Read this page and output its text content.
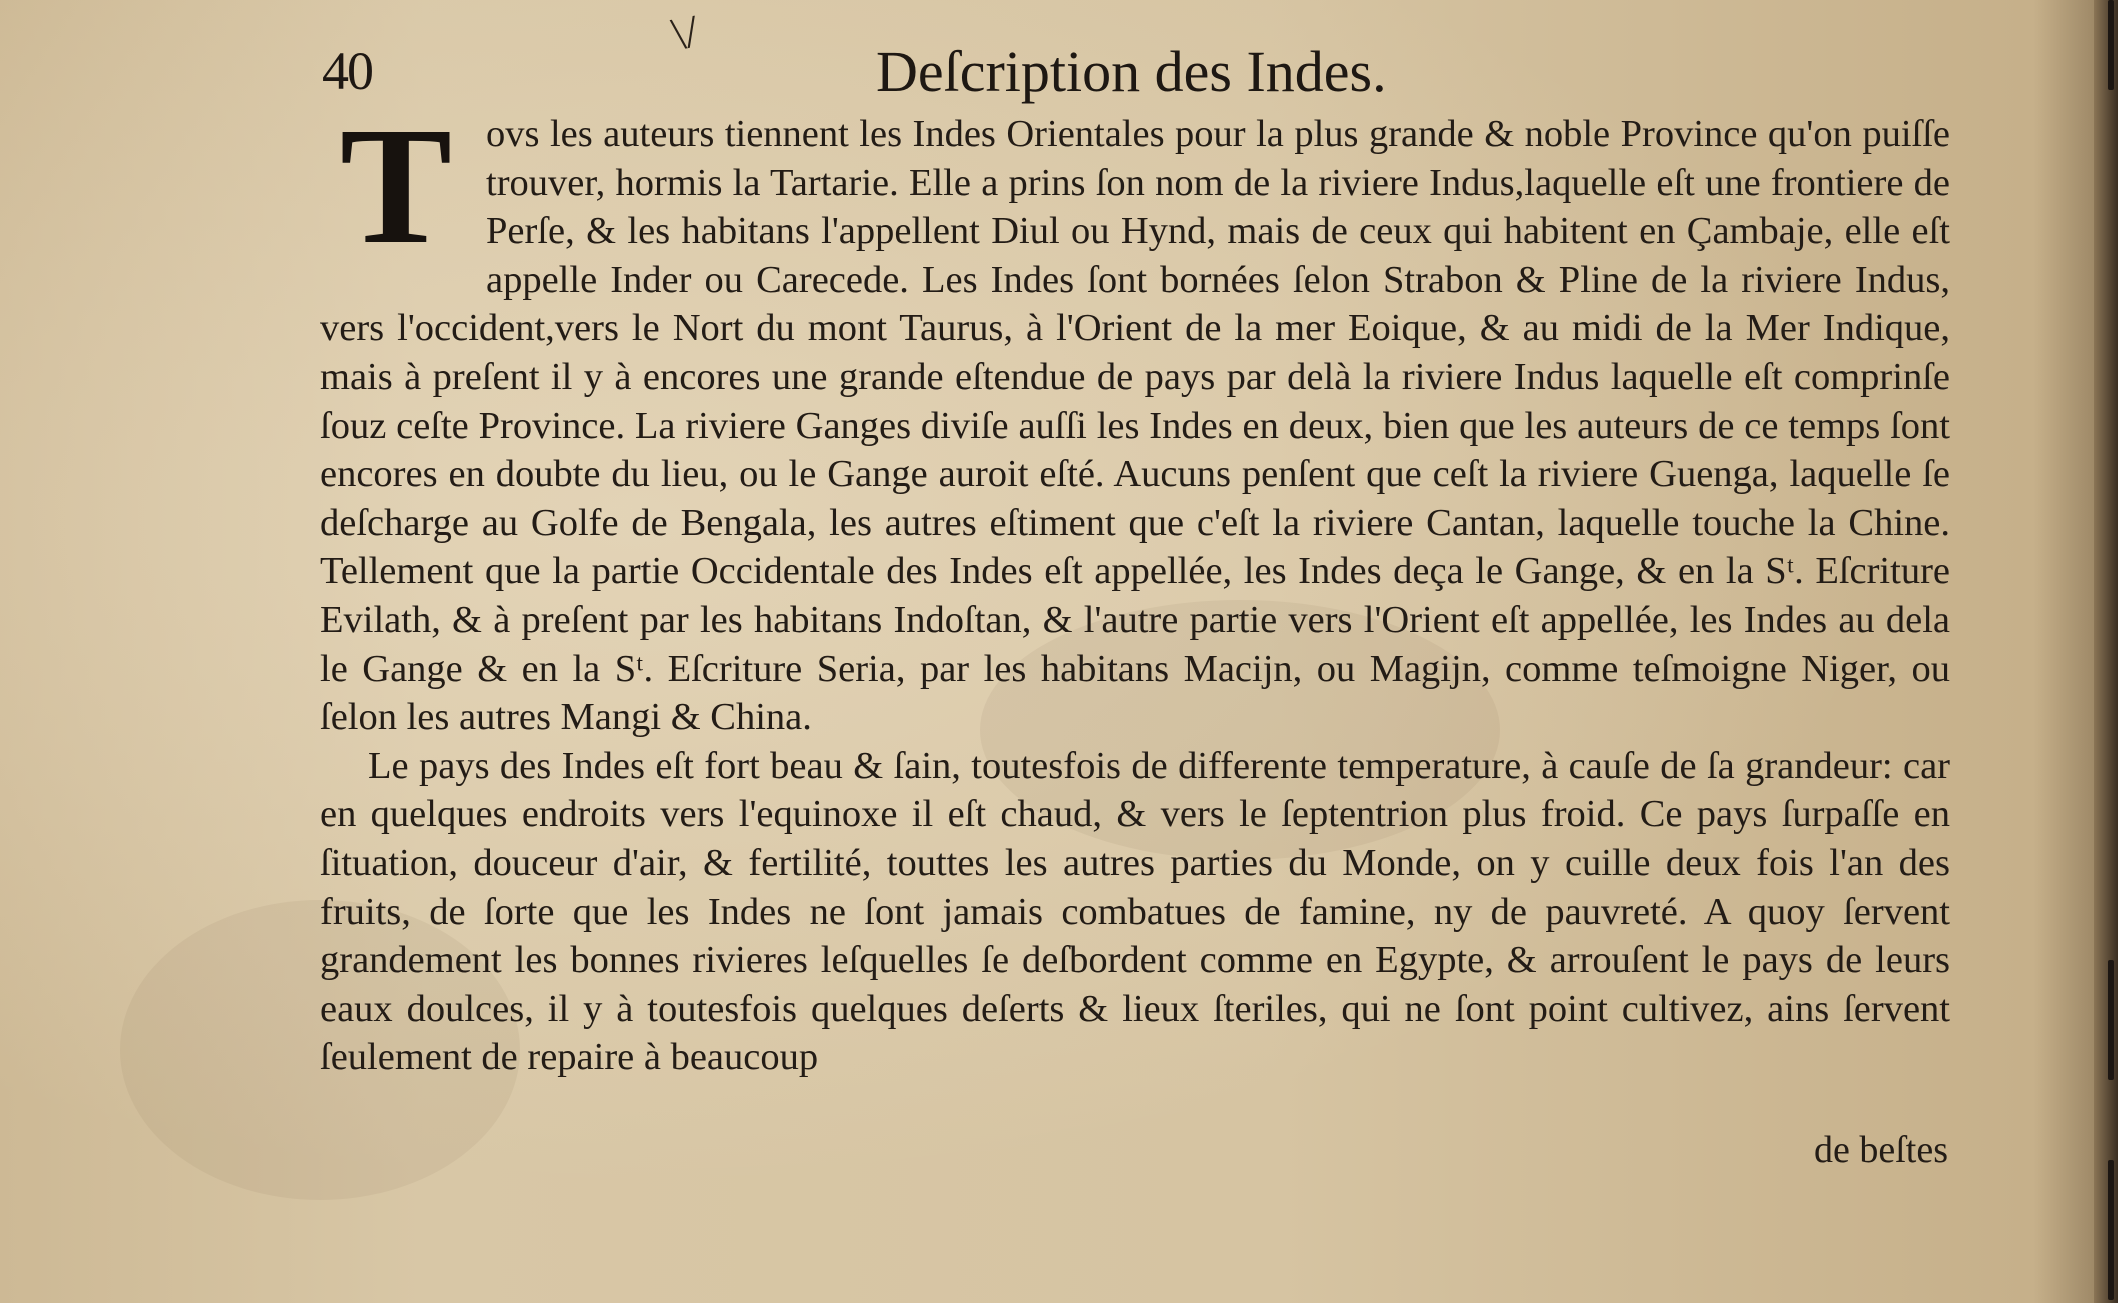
\/
40	Deſcription des Indes.

Tovs les auteurs tiennent les Indes Orientales pour la plus grande & noble Province qu'on puiſſe trouver, hormis la Tartarie. Elle a prins ſon nom de la riviere Indus,laquelle eſt une frontiere de Perſe, & les habitans l'appellent Diul ou Hynd, mais de ceux qui habitent en Çambaje, elle eſt appelle Inder ou Carecede. Les Indes ſont bornées ſelon Strabon & Pline de la riviere Indus, vers l'occident,vers le Nort du mont Taurus, à l'Orient de la mer Eoique, & au midi de la Mer Indique, mais à preſent il y à encores une grande eſtendue de pays par delà la riviere Indus laquelle eſt comprinſe ſouz ceſte Province. La riviere Ganges diviſe auſſi les Indes en deux, bien que les auteurs de ce temps ſont encores en doubte du lieu, ou le Gange auroit eſté. Aucuns penſent que ceſt la riviere Guenga, laquelle ſe deſcharge au Golfe de Bengala, les autres eſtiment que c'eſt la riviere Cantan, laquelle touche la Chine. Tellement que la partie Occidentale des Indes eſt appellée, les Indes deça le Gange, & en la Sᵗ. Eſcriture Evilath, & à preſent par les habitans Indoſtan, & l'autre partie vers l'Orient eſt appellée, les Indes au dela le Gange & en la Sᵗ. Eſcriture Seria, par les habitans Macijn, ou Magijn, comme teſmoigne Niger, ou ſelon les autres Mangi & China.

Le pays des Indes eſt fort beau & ſain, toutesfois de differente temperature, à cauſe de ſa grandeur: car en quelques endroits vers l'equinoxe il eſt chaud, & vers le ſeptentrion plus froid. Ce pays ſurpaſſe en ſituation, douceur d'air, & fertilité, touttes les autres parties du Monde, on y cuille deux fois l'an des fruits, de ſorte que les Indes ne ſont jamais combatues de famine, ny de pauvreté. A quoy ſervent grandement les bonnes rivieres leſquelles ſe deſbordent comme en Egypte, & arrouſent le pays de leurs eaux doulces, il y à toutesfois quelques deſerts & lieux ſteriles, qui ne ſont point cultivez, ains ſervent ſeulement de repaire à beaucoup

de beſtes
